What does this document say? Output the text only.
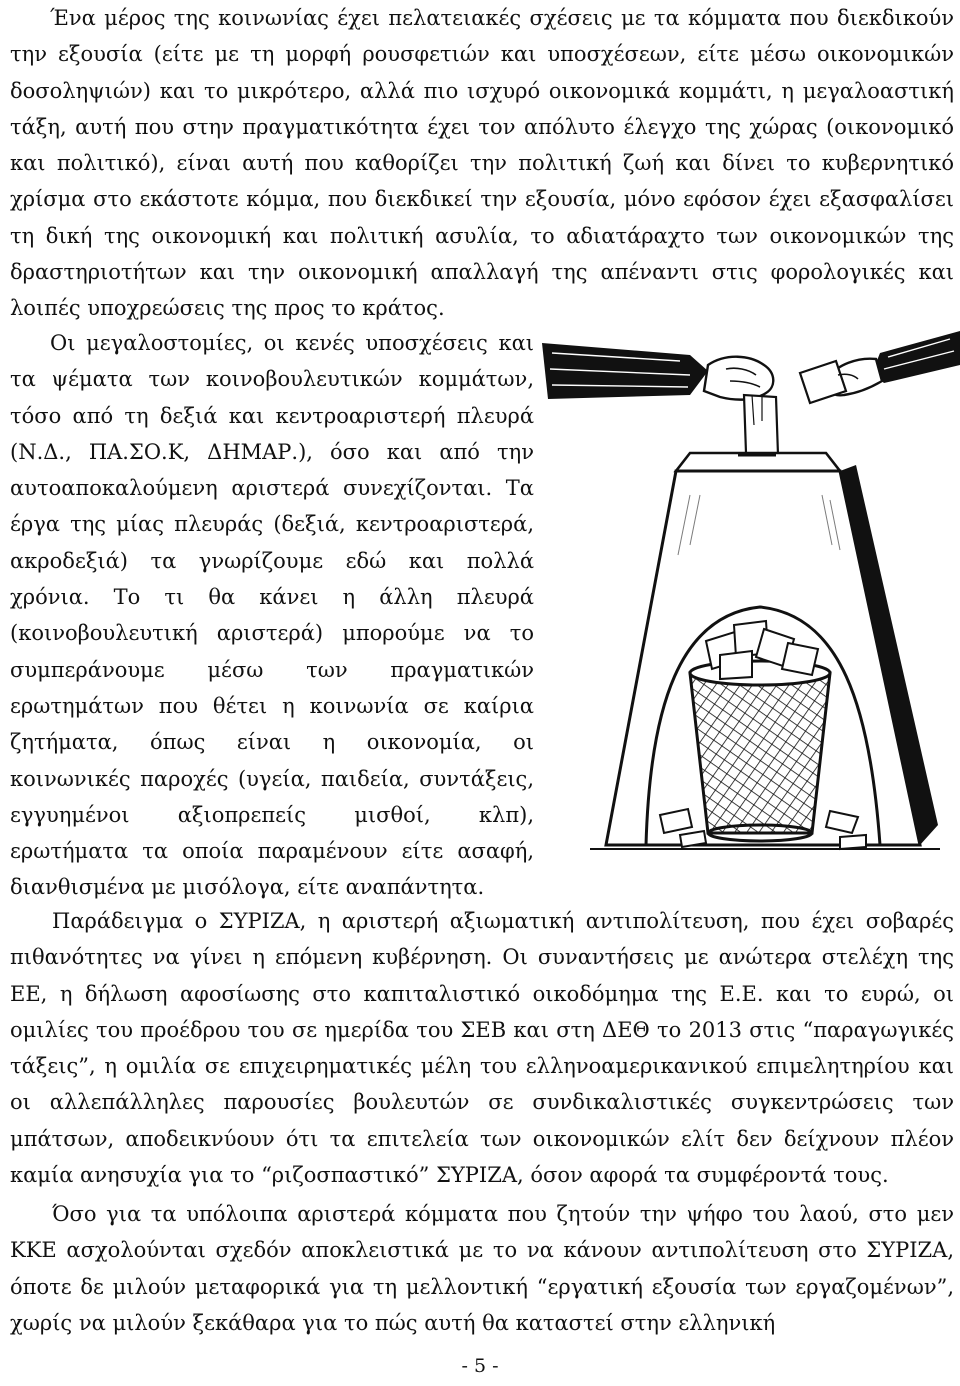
Ένα μέρος της κοινωνίας έχει πελατειακές σχέσεις με τα κόμματα που διεκδικούν την εξουσία (είτε με τη μορφή ρουσφετιών και υποσχέσεων, είτε μέσω οικονομικών δοσοληψιών) και το μικρότερο, αλλά πιο ισχυρό οικονομικά κομμάτι, η μεγαλοαστική τάξη, αυτή που στην πραγματικότητα έχει τον απόλυτο έλεγχο της χώρας (οικονομικό και πολιτικό), είναι αυτή που καθορίζει την πολιτική ζωή και δίνει το κυβερνητικό χρίσμα στο εκάστοτε κόμμα, που διεκδικεί την εξουσία, μόνο εφόσον έχει εξασφαλίσει τη δική της οικονομική και πολιτική ασυλία, το αδιατάραχτο των οικονομικών της δραστηριοτήτων και την οικονομική απαλλαγή της απέναντι στις φορολογικές και λοιπές υποχρεώσεις της προς το κράτος.

Οι μεγαλοστομίες, οι κενές υποσχέσεις και τα ψέματα των κοινοβουλευτικών κομμάτων, τόσο από τη δεξιά και κεντροαριστερή πλευρά (Ν.Δ., ΠΑ.ΣΟ.Κ, ΔΗΜΑΡ.), όσο και από την αυτοαποκαλούμενη αριστερά συνεχίζονται. Τα έργα της μίας πλευράς (δεξιά, κεντροαριστερά, ακροδεξιά) τα γνωρίζουμε εδώ και πολλά χρόνια. Το τι θα κάνει η άλλη πλευρά (κοινοβουλευτική αριστερά) μπορούμε να το συμπεράνουμε μέσω των πραγματικών ερωτημάτων που θέτει η κοινωνία σε καίρια ζητήματα, όπως είναι η οικονομία, οι κοινωνικές παροχές (υγεία, παιδεία, συντάξεις, εγγυημένοι αξιοπρεπείς μισθοί, κλπ), ερωτήματα τα οποία παραμένουν είτε ασαφή, διανθισμένα με μισόλογα, είτε αναπάντητα.

Παράδειγμα ο ΣΥΡΙΖΑ, η αριστερή αξιωματική αντιπολίτευση, που έχει σοβαρές πιθανότητες να γίνει η επόμενη κυβέρνηση. Οι συναντήσεις με ανώτερα στελέχη της ΕΕ, η δήλωση αφοσίωσης στο καπιταλιστικό οικοδόμημα της Ε.Ε. και το ευρώ, οι ομιλίες του προέδρου του σε ημερίδα του ΣΕΒ και στη ΔΕΘ το 2013 στις “παραγωγικές τάξεις”, η ομιλία σε επιχειρηματικές μέλη του ελληνοαμερικανικού επιμελητηρίου και οι αλλεπάλληλες παρουσίες βουλευτών σε συνδικαλιστικές συγκεντρώσεις των μπάτσων, αποδεικνύουν ότι τα επιτελεία των οικονομικών ελίτ δεν δείχνουν πλέον καμία ανησυχία για το “ριζοσπαστικό” ΣΥΡΙΖΑ, όσον αφορά τα συμφέροντά τους.

Όσο για τα υπόλοιπα αριστερά κόμματα που ζητούν την ψήφο του λαού, στο μεν ΚΚΕ ασχολούνται σχεδόν αποκλειστικά με το να κάνουν αντιπολίτευση στο ΣΥΡΙΖΑ, όποτε δε μιλούν μεταφορικά για τη μελλοντική “εργατική εξουσία των εργαζομένων”, χωρίς να μιλούν ξεκάθαρα για το πώς αυτή θα καταστεί στην ελληνική

- 5 -
